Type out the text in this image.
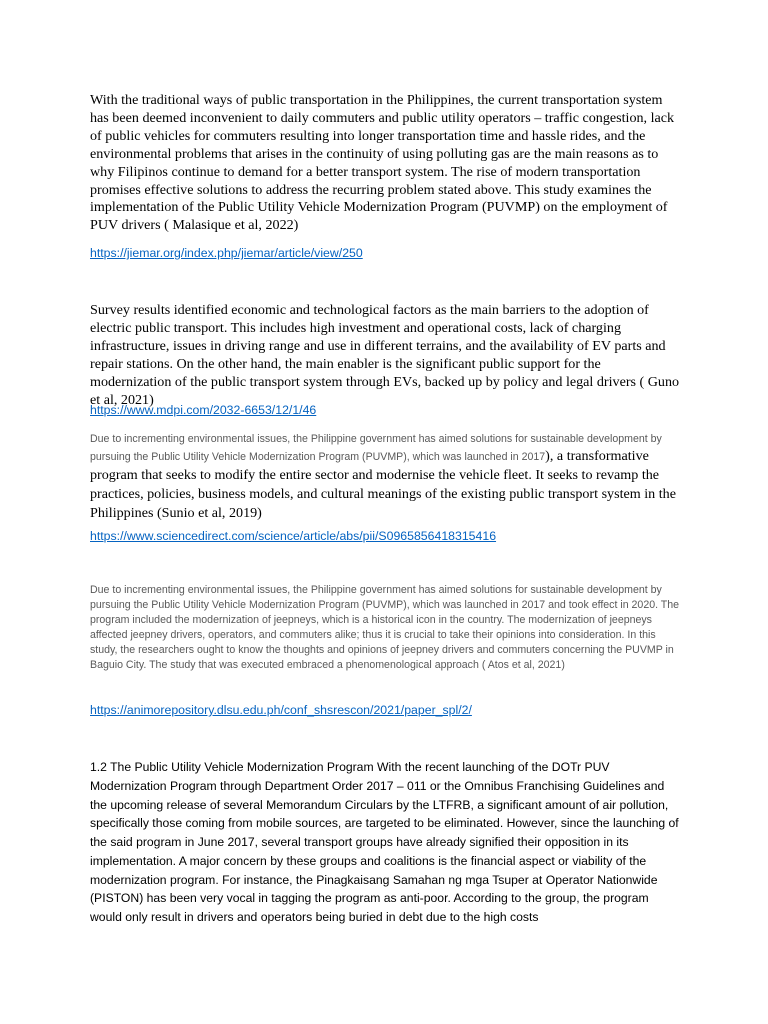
With the traditional ways of public transportation in the Philippines, the current transportation system has been deemed inconvenient to daily commuters and public utility operators – traffic congestion, lack of public vehicles for commuters resulting into longer transportation time and hassle rides, and the environmental problems that arises in the continuity of using polluting gas are the main reasons as to why Filipinos continue to demand for a better transport system. The rise of modern transportation promises effective solutions to address the recurring problem stated above. This study examines the implementation of the Public Utility Vehicle Modernization Program (PUVMP) on the employment of PUV drivers ( Malasique et al, 2022)

https://jiemar.org/index.php/jiemar/article/view/250

Survey results identified economic and technological factors as the main barriers to the adoption of electric public transport. This includes high investment and operational costs, lack of charging infrastructure, issues in driving range and use in different terrains, and the availability of EV parts and repair stations. On the other hand, the main enabler is the significant public support for the modernization of the public transport system through EVs, backed up by policy and legal drivers ( Guno et al, 2021)

https://www.mdpi.com/2032-6653/12/1/46

Due to incrementing environmental issues, the Philippine government has aimed solutions for sustainable development by pursuing the Public Utility Vehicle Modernization Program (PUVMP), which was launched in 2017), a transformative program that seeks to modify the entire sector and modernise the vehicle fleet. It seeks to revamp the practices, policies, business models, and cultural meanings of the existing public transport system in the Philippines (Sunio et al, 2019)

https://www.sciencedirect.com/science/article/abs/pii/S0965856418315416

Due to incrementing environmental issues, the Philippine government has aimed solutions for sustainable development by pursuing the Public Utility Vehicle Modernization Program (PUVMP), which was launched in 2017 and took effect in 2020. The program included the modernization of jeepneys, which is a historical icon in the country. The modernization of jeepneys affected jeepney drivers, operators, and commuters alike; thus it is crucial to take their opinions into consideration. In this study, the researchers ought to know the thoughts and opinions of jeepney drivers and commuters concerning the PUVMP in Baguio City. The study that was executed embraced a phenomenological approach ( Atos et al, 2021)

https://animorepository.dlsu.edu.ph/conf_shsrescon/2021/paper_spl/2/

1.2 The Public Utility Vehicle Modernization Program With the recent launching of the DOTr PUV Modernization Program through Department Order 2017 – 011 or the Omnibus Franchising Guidelines and the upcoming release of several Memorandum Circulars by the LTFRB, a significant amount of air pollution, specifically those coming from mobile sources, are targeted to be eliminated. However, since the launching of the said program in June 2017, several transport groups have already signified their opposition in its implementation. A major concern by these groups and coalitions is the financial aspect or viability of the modernization program. For instance, the Pinagkaisang Samahan ng mga Tsuper at Operator Nationwide (PISTON) has been very vocal in tagging the program as anti-poor. According to the group, the program would only result in drivers and operators being buried in debt due to the high costs
